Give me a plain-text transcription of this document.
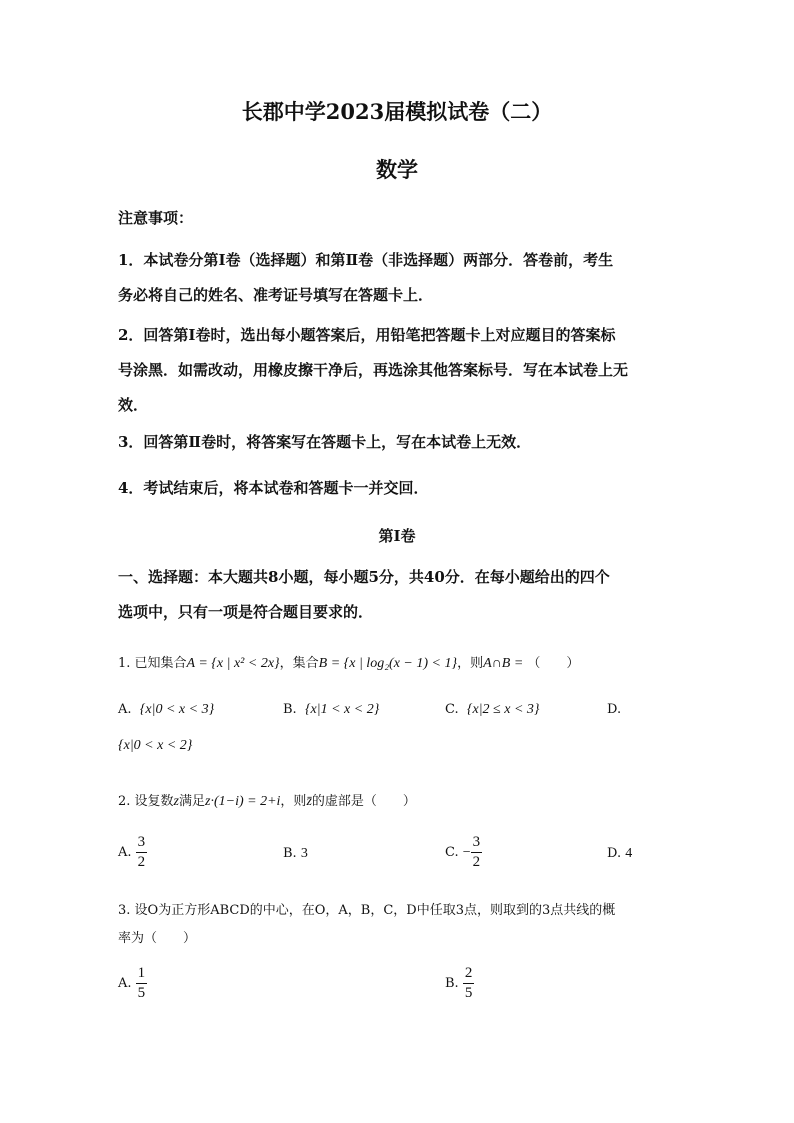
长郡中学2023届模拟试卷（二）
数学
注意事项：
1．本试卷分第Ⅰ卷（选择题）和第Ⅱ卷（非选择题）两部分．答卷前，考生
务必将自己的姓名、准考证号填写在答题卡上．
2．回答第Ⅰ卷时，选出每小题答案后，用铅笔把答题卡上对应题目的答案标
号涂黑．如需改动，用橡皮擦干净后，再选涂其他答案标号．写在本试卷上无
效．
3．回答第Ⅱ卷时，将答案写在答题卡上，写在本试卷上无效．
4．考试结束后，将本试卷和答题卡一并交回．
第Ⅰ卷
一、选择题：本大题共8小题，每小题5分，共40分．在每小题给出的四个
选项中，只有一项是符合题目要求的．
1. 已知集合A = {x | x² < 2x}，集合B = {x | log₂(x − 1) < 1}，则A∩B = （　　）
A. {x|0 < x < 3}	B. {x|1 < x < 2}	C. {x|2 ≤ x < 3}	D.
{x|0 < x < 2}
2. 设复数z满足z·(1−i) = 2+i，则z̄的虚部是（　　）
A. $\frac{3}{2}$	B. 3	C. − $\frac{3}{2}$	D. 4
3. 设O为正方形ABCD的中心，在O，A，B，C，D中任取3点，则取到的3点共线的概
率为（　　）
A. $\frac{1}{5}$	B. $\frac{2}{5}$
